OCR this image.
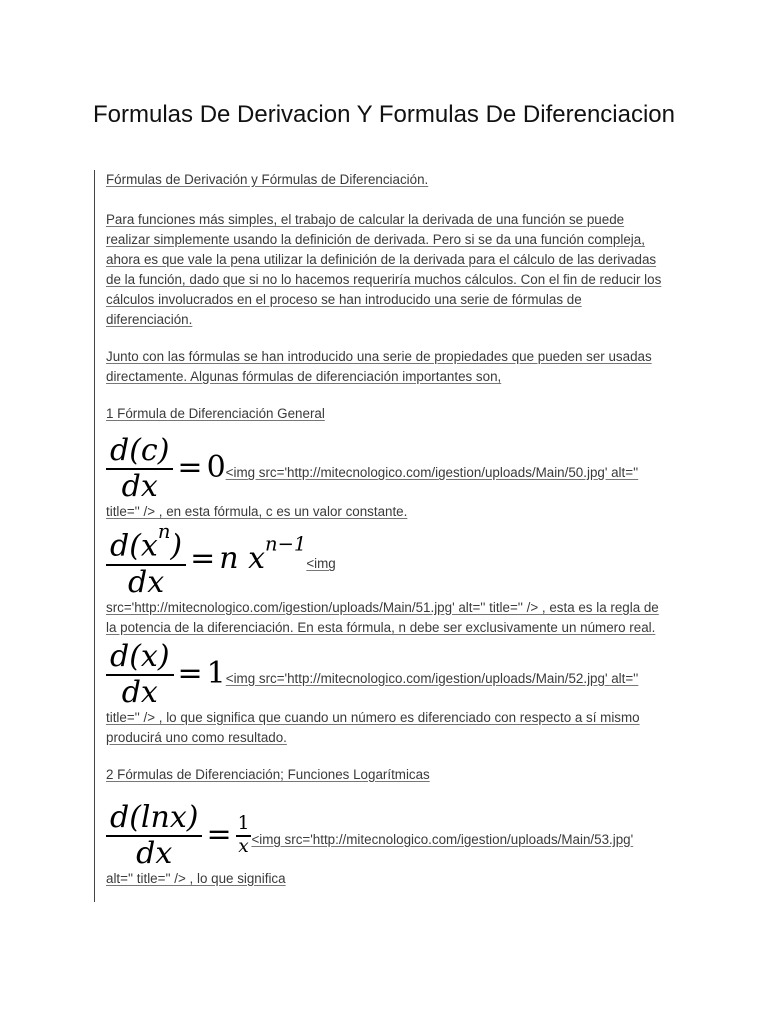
Formulas De Derivacion Y Formulas De Diferenciacion

Fórmulas de Derivación y Fórmulas de Diferenciación.

Para funciones más simples, el trabajo de calcular la derivada de una función se puede realizar simplemente usando la definición de derivada. Pero si se da una función compleja, ahora es que vale la pena utilizar la definición de la derivada para el cálculo de las derivadas de la función, dado que si no lo hacemos requeriría muchos cálculos. Con el fin de reducir los cálculos involucrados en el proceso se han introducido una serie de fórmulas de diferenciación.

Junto con las fórmulas se han introducido una serie de propiedades que pueden ser usadas directamente. Algunas fórmulas de diferenciación importantes son,

1 Fórmula de Diferenciación General

$\frac{d(c)}{dx} = 0<img$ src='http://mitecnologico.com/igestion/uploads/Main/50.jpg' alt='' title='' /> , en esta fórmula, c es un valor constante.

$\frac{d(x^n)}{dx} = n$ $x^{n-1}<img$ src='http://mitecnologico.com/igestion/uploads/Main/51.jpg' alt='' title='' /> , esta es la regla de la potencia de la diferenciación. En esta fórmula, n debe ser exclusivamente un número real.

$\frac{d(x)}{dx} = 1<img$ src='http://mitecnologico.com/igestion/uploads/Main/52.jpg' alt='' title='' /> , lo que significa que cuando un número es diferenciado con respecto a sí mismo producirá uno como resultado.

2 Fórmulas de Diferenciación; Funciones Logarítmicas

$\frac{d(\ln x)}{dx} = \frac{1}{x} <img$ src='http://mitecnologico.com/igestion/uploads/Main/53.jpg' alt='' title='' /> , lo que significa
